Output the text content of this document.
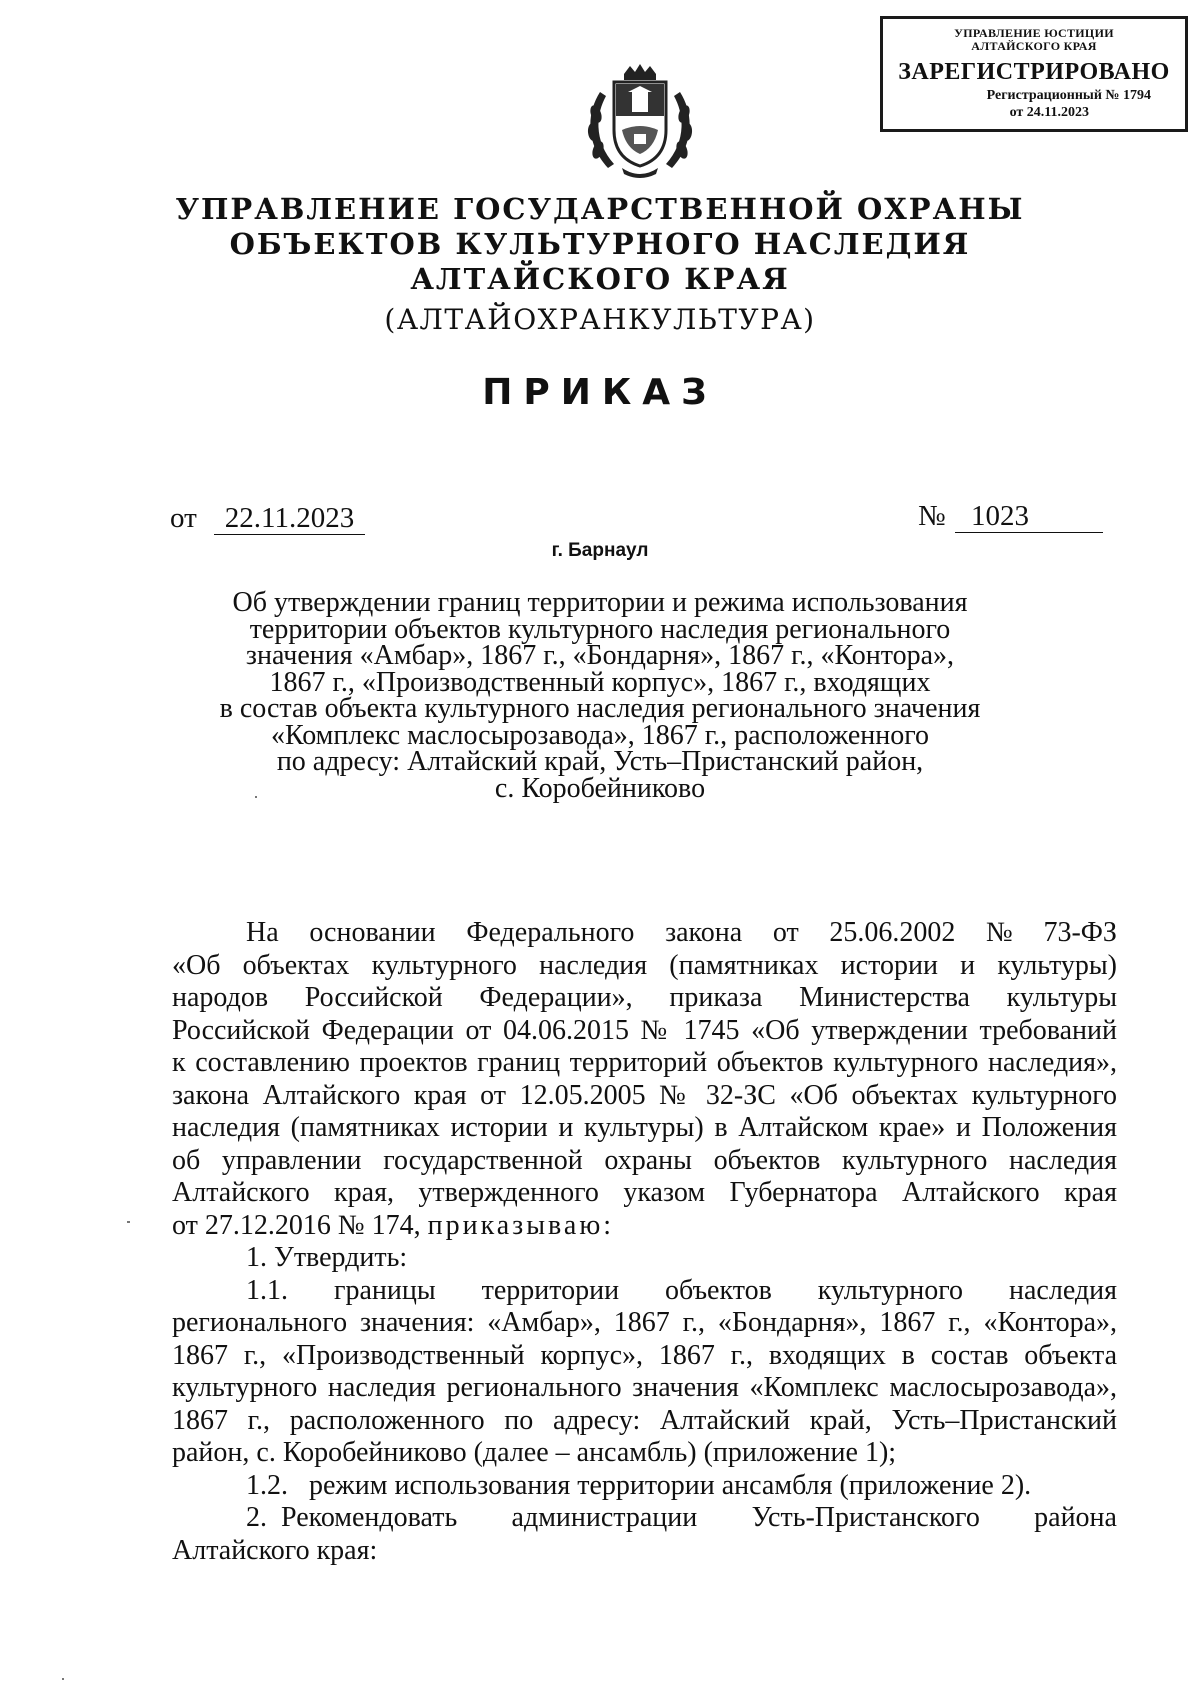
УПРАВЛЕНИЕ ЮСТИЦИИ
АЛТАЙСКОГО КРАЯ
ЗАРЕГИСТРИРОВАНО
Регистрационный № 1794
от 24.11.2023
УПРАВЛЕНИЕ ГОСУДАРСТВЕННОЙ ОХРАНЫ
ОБЪЕКТОВ КУЛЬТУРНОГО НАСЛЕДИЯ
АЛТАЙСКОГО КРАЯ
(АЛТАЙОХРАНКУЛЬТУРА)
ПРИКАЗ
от 22.11.2023	№ 1023
г. Барнаул
Об утверждении границ территории и режима использования
территории объектов культурного наследия регионального
значения «Амбар», 1867 г., «Бондарня», 1867 г., «Контора»,
1867 г., «Производственный корпус», 1867 г., входящих
в состав объекта культурного наследия регионального значения
«Комплекс маслосырозавода», 1867 г., расположенного
по адресу: Алтайский край, Усть–Пристанский район,
с. Коробейниково
На основании Федерального закона от 25.06.2002 № 73-ФЗ
«Об объектах культурного наследия (памятниках истории и культуры)
народов Российской Федерации», приказа Министерства культуры
Российской Федерации от 04.06.2015 № 1745 «Об утверждении требований
к составлению проектов границ территорий объектов культурного наследия»,
закона Алтайского края от 12.05.2005 № 32-ЗС «Об объектах культурного
наследия (памятниках истории и культуры) в Алтайском крае» и Положения
об управлении государственной охраны объектов культурного наследия
Алтайского края, утвержденного указом Губернатора Алтайского края
от 27.12.2016 № 174, приказываю:
1. Утвердить:
1.1. границы территории объектов культурного наследия
регионального значения: «Амбар», 1867 г., «Бондарня», 1867 г., «Контора»,
1867 г., «Производственный корпус», 1867 г., входящих в состав объекта
культурного наследия регионального значения «Комплекс маслосырозавода»,
1867 г., расположенного по адресу: Алтайский край, Усть–Пристанский
район, с. Коробейниково (далее – ансамбль) (приложение 1);
1.2.   режим использования территории ансамбля (приложение 2).
2.  Рекомендовать администрации Усть-Пристанского района
Алтайского края:
